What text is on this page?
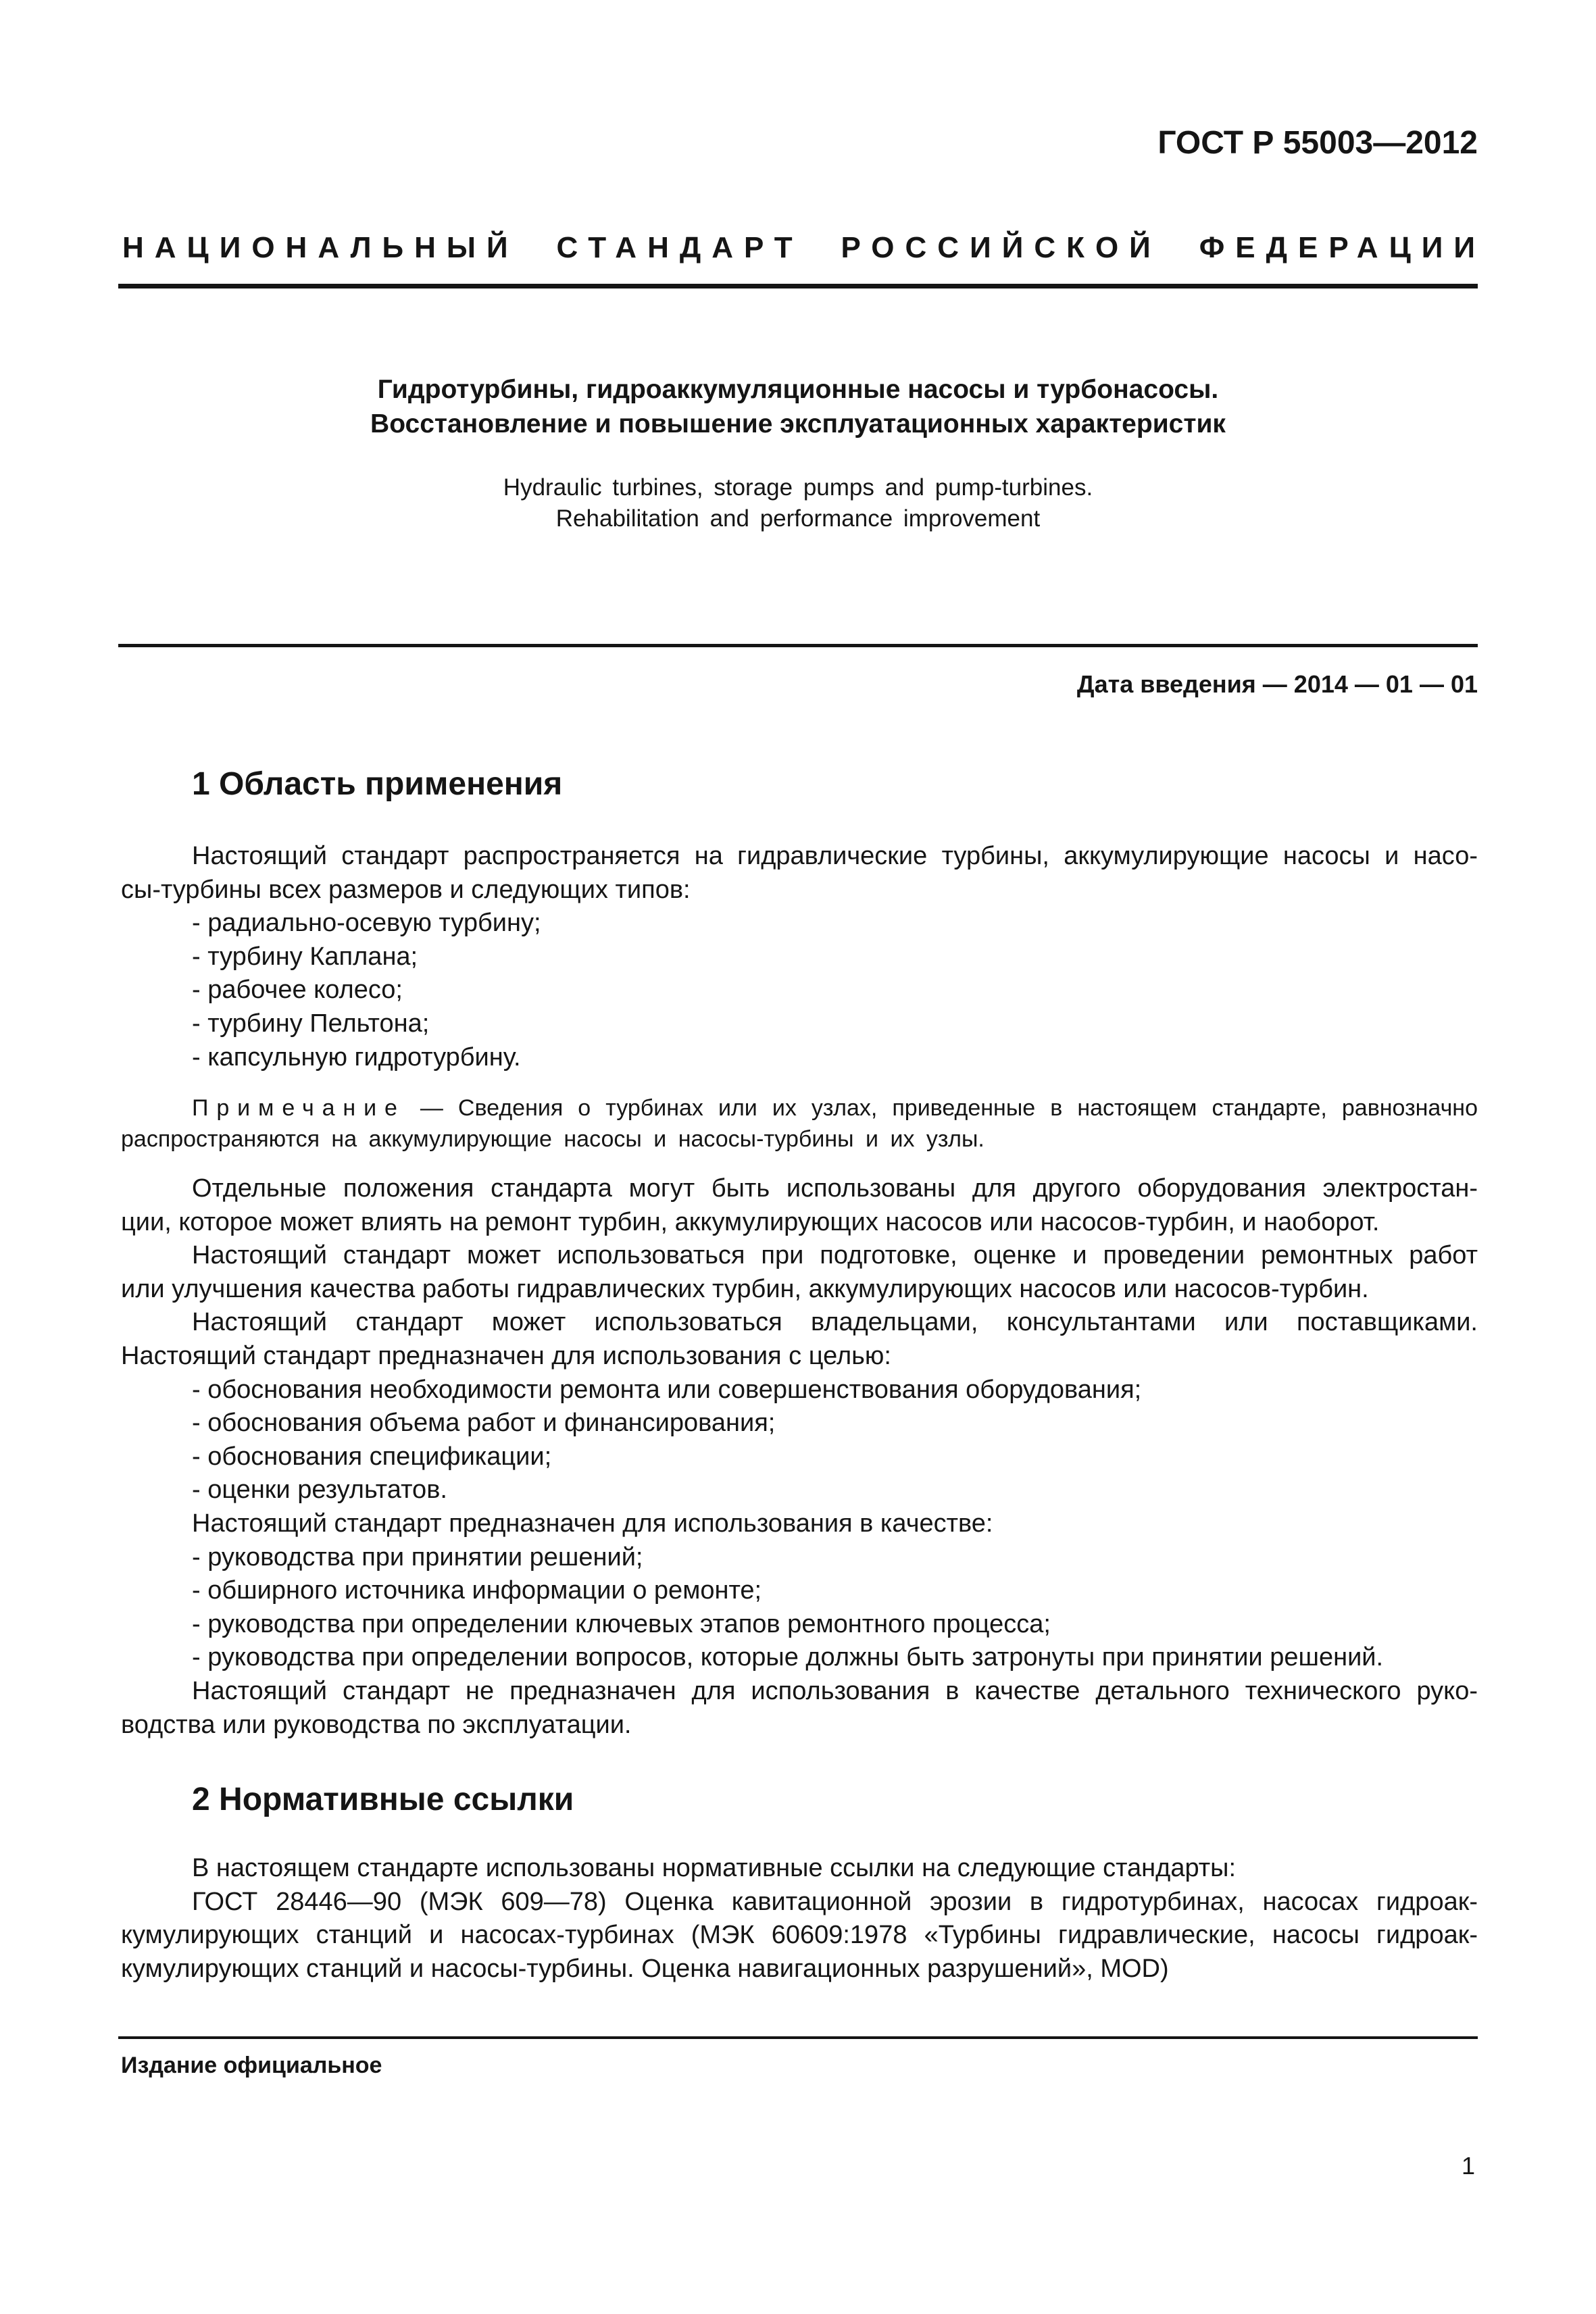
ГОСТ Р 55003—2012
НАЦИОНАЛЬНЫЙ СТАНДАРТ РОССИЙСКОЙ ФЕДЕРАЦИИ
Гидротурбины, гидроаккумуляционные насосы и турбонасосы.
Восстановление и повышение эксплуатационных характеристик
Hydraulic turbines, storage pumps and pump-turbines.
Rehabilitation and performance improvement
Дата введения — 2014 — 01 — 01
1 Область применения
Настоящий стандарт распространяется на гидравлические турбины, аккумулирующие насосы и насо-
сы-турбины всех размеров и следующих типов:
- радиально-осевую турбину;
- турбину Каплана;
- рабочее колесо;
- турбину Пельтона;
- капсульную гидротурбину.
Примечание — Сведения о турбинах или их узлах, приведенные в настоящем стандарте, равнозначно
распространяются на аккумулирующие насосы и насосы-турбины и их узлы.
Отдельные положения стандарта могут быть использованы для другого оборудования электростан-
ции, которое может влиять на ремонт турбин, аккумулирующих насосов или насосов-турбин, и наоборот.
Настоящий стандарт может использоваться при подготовке, оценке и проведении ремонтных работ
или улучшения качества работы гидравлических турбин, аккумулирующих насосов или насосов-турбин.
Настоящий стандарт может использоваться владельцами, консультантами или поставщиками.
Настоящий стандарт предназначен для использования с целью:
- обоснования необходимости ремонта или совершенствования оборудования;
- обоснования объема работ и финансирования;
- обоснования спецификации;
- оценки результатов.
Настоящий стандарт предназначен для использования в качестве:
- руководства при принятии решений;
- обширного источника информации о ремонте;
- руководства при определении ключевых этапов ремонтного процесса;
- руководства при определении вопросов, которые должны быть затронуты при принятии решений.
Настоящий стандарт не предназначен для использования в качестве детального технического руко-
водства или руководства по эксплуатации.
2 Нормативные ссылки
В настоящем стандарте использованы нормативные ссылки на следующие стандарты:
ГОСТ 28446—90 (МЭК 609—78) Оценка кавитационной эрозии в гидротурбинах, насосах гидроак-
кумулирующих станций и насосах-турбинах (МЭК 60609:1978 «Турбины гидравлические, насосы гидроак-
кумулирующих станций и насосы-турбины. Оценка навигационных разрушений», MOD)
Издание официальное
1
